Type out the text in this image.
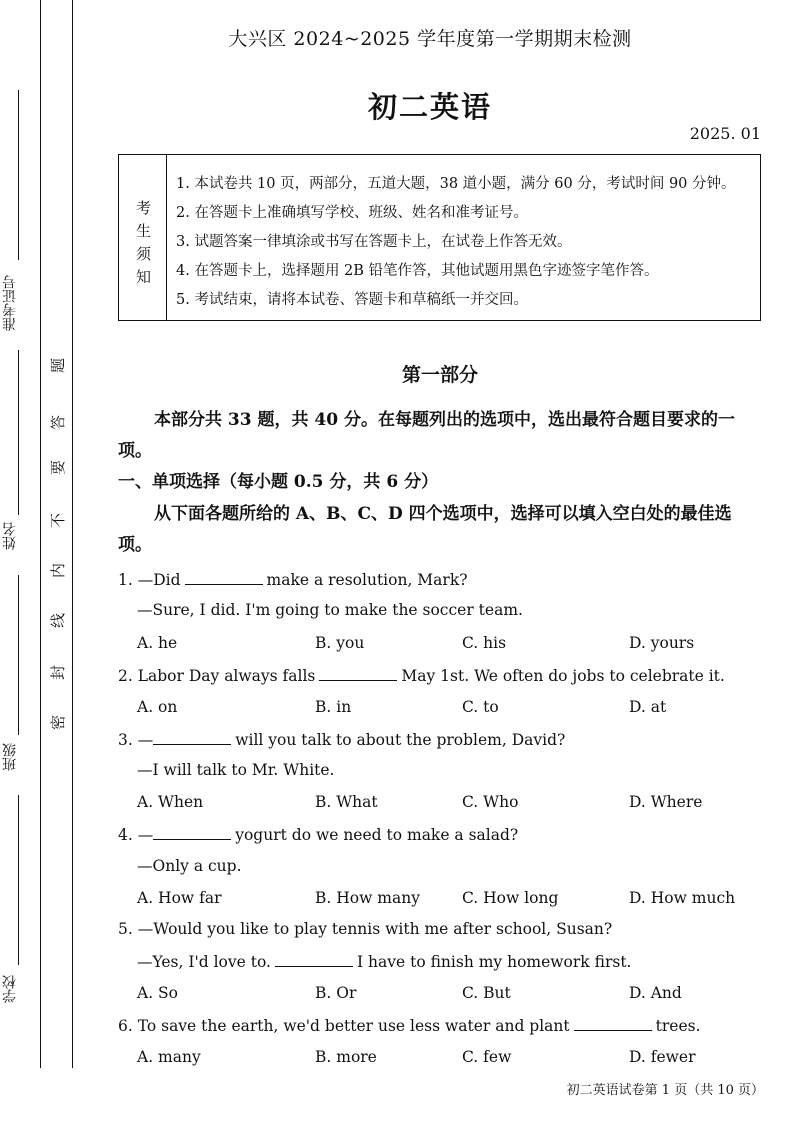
准考证号
姓名
班级
学校
题
答
要
不
内
线
封
密
大兴区 2024~2025 学年度第一学期期末检测
初二英语
2025. 01
考
生
须
知
1. 本试卷共 10 页，两部分，五道大题，38 道小题，满分 60 分，考试时间 90 分钟。
2. 在答题卡上准确填写学校、班级、姓名和准考证号。
3. 试题答案一律填涂或书写在答题卡上，在试卷上作答无效。
4. 在答题卡上，选择题用 2B 铅笔作答，其他试题用黑色字迹签字笔作答。
5. 考试结束，请将本试卷、答题卡和草稿纸一并交回。
第一部分
本部分共 33 题，共 40 分。在每题列出的选项中，选出最符合题目要求的一项。
一、单项选择（每小题 0.5 分，共 6 分）
从下面各题所给的 A、B、C、D 四个选项中，选择可以填入空白处的最佳选项。
1. —Did	make a resolution, Mark?
—Sure, I did. I'm going to make the soccer team.
A. he	B. you	C. his	D. yours
2. Labor Day always falls	May 1st. We often do jobs to celebrate it.
A. on	B. in	C. to	D. at
3. —	will you talk to about the problem, David?
—I will talk to Mr. White.
A. When	B. What	C. Who	D. Where
4. —	yogurt do we need to make a salad?
—Only a cup.
A. How far	B. How many	C. How long	D. How much
5. —Would you like to play tennis with me after school, Susan?
—Yes, I'd love to.	I have to finish my homework first.
A. So	B. Or	C. But	D. And
6. To save the earth, we'd better use less water and plant	trees.
A. many	B. more	C. few	D. fewer
初二英语试卷第 1 页（共 10 页）
